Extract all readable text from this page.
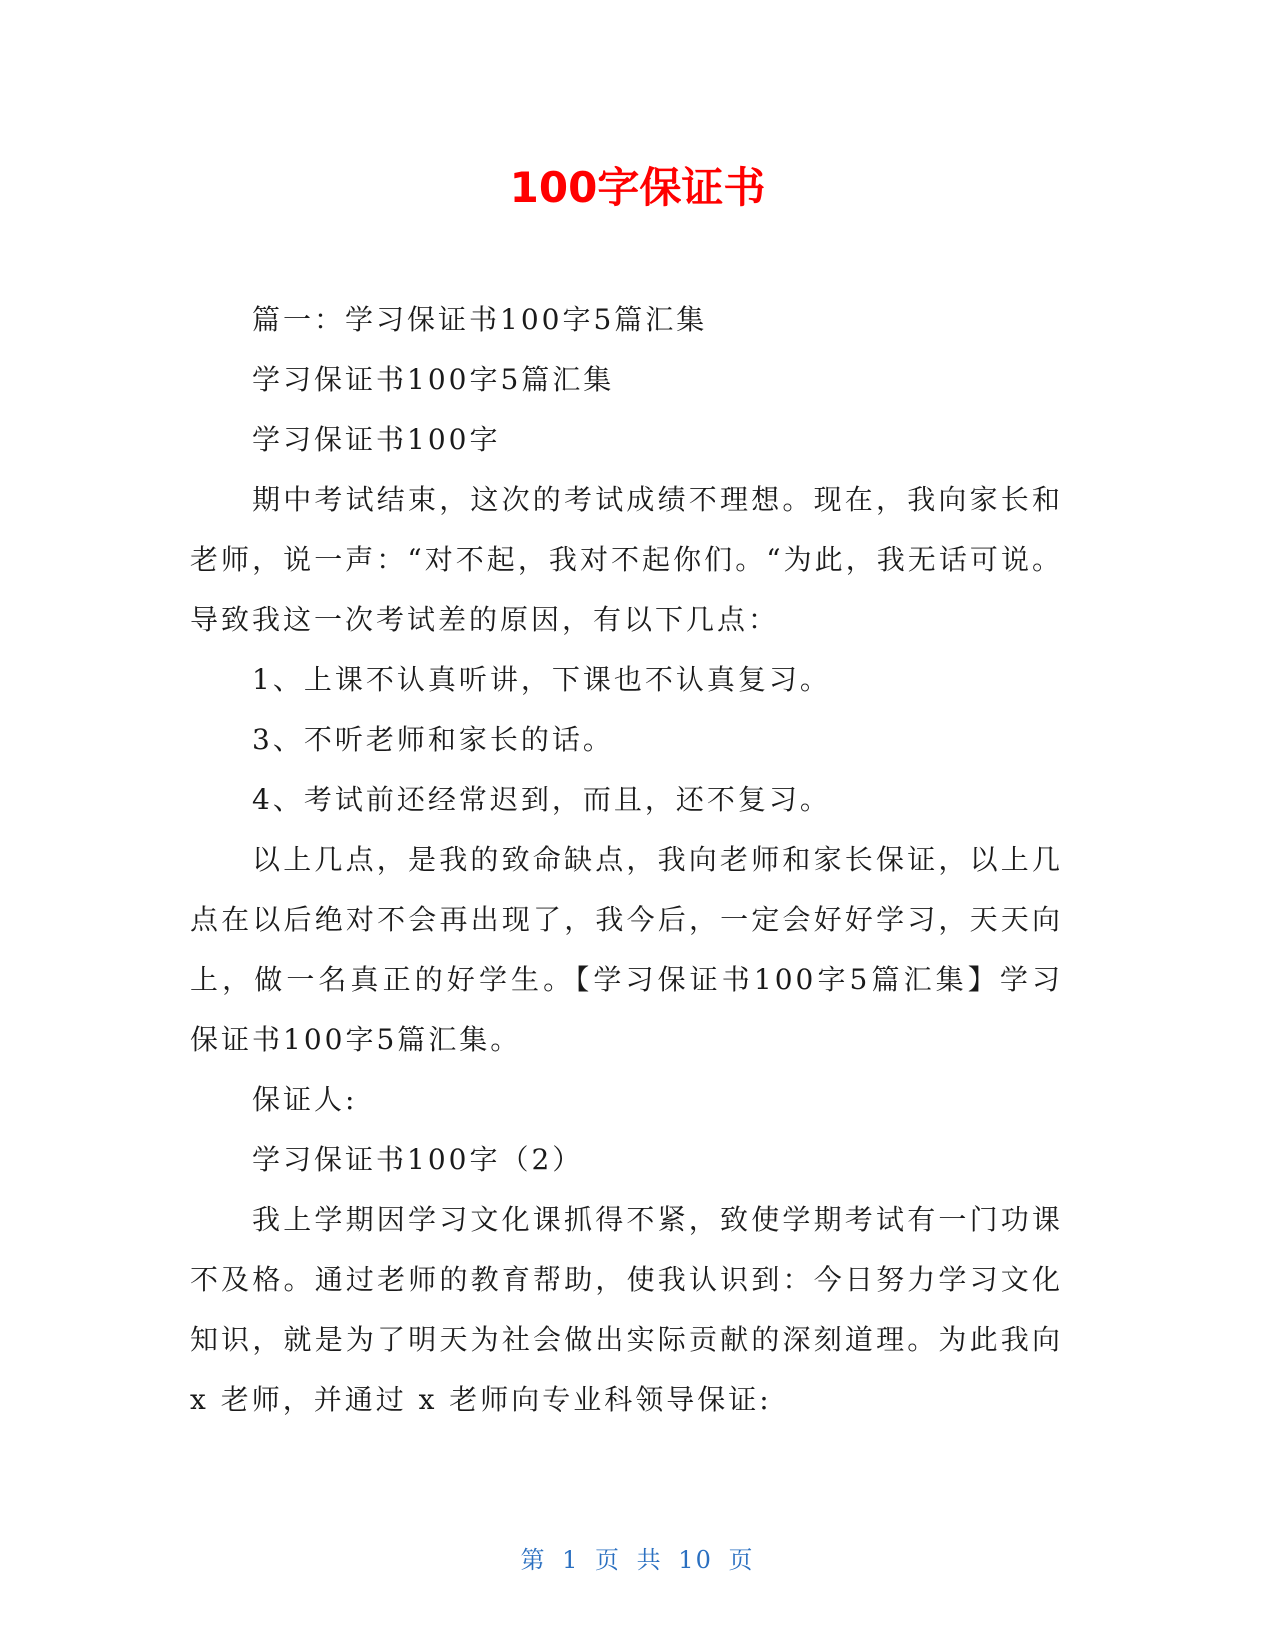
100字保证书

篇一：学习保证书100字5篇汇集

学习保证书100字5篇汇集

学习保证书100字

期中考试结束，这次的考试成绩不理想。现在，我向家长和老师，说一声：“对不起，我对不起你们。“为此，我无话可说。导致我这一次考试差的原因，有以下几点：

1、上课不认真听讲，下课也不认真复习。

3、不听老师和家长的话。

4、考试前还经常迟到，而且，还不复习。

以上几点，是我的致命缺点，我向老师和家长保证，以上几点在以后绝对不会再出现了，我今后，一定会好好学习，天天向上，做一名真正的好学生。【学习保证书100字5篇汇集】学习保证书100字5篇汇集。

保证人:

学习保证书100字（2）

我上学期因学习文化课抓得不紧，致使学期考试有一门功课不及格。通过老师的教育帮助，使我认识到：今日努力学习文化知识，就是为了明天为社会做出实际贡献的深刻道理。为此我向 x 老师，并通过 x 老师向专业科领导保证:

第 1 页 共 10 页
